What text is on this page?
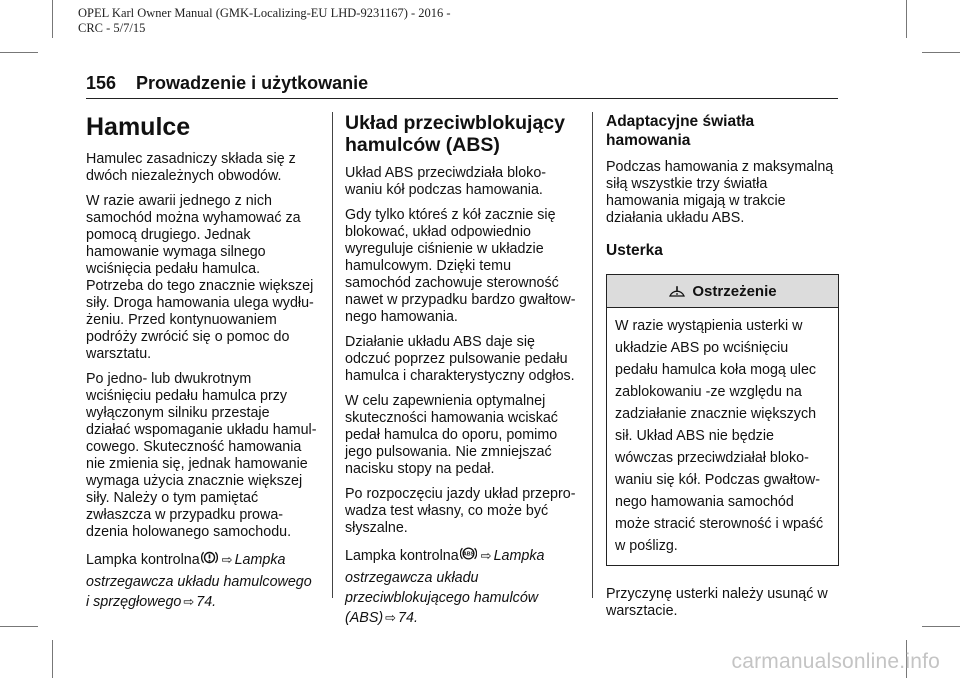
OPEL Karl Owner Manual (GMK-Localizing-EU LHD-9231167) - 2016 -
CRC - 5/7/15
156 Prowadzenie i użytkowanie
Hamulce

Hamulec zasadniczy składa się z
dwóch niezależnych obwodów.

W razie awarii jednego z nich
samochód można wyhamować za
pomocą drugiego. Jednak
hamowanie wymaga silnego
wciśnięcia pedału hamulca.
Potrzeba do tego znacznie większej
siły. Droga hamowania ulega wydłu-
żeniu. Przed kontynuowaniem
podróży zwrócić się o pomoc do
warsztatu.

Po jedno- lub dwukrotnym
wciśnięciu pedału hamulca przy
wyłączonym silniku przestaje
działać wspomaganie układu hamul-
cowego. Skuteczność hamowania
nie zmienia się, jednak hamowanie
wymaga użycia znacznie większej
siły. Należy o tym pamiętać
zwłaszcza w przypadku prowa-
dzenia holowanego samochodu.

Lampka kontrolna ⇨ Lampka
ostrzegawcza układu hamulcowego
i sprzęgłowego ⇨ 74.

Układ przeciwblokujący
hamulców (ABS)

Układ ABS przeciwdziała bloko-
waniu kół podczas hamowania.

Gdy tylko któreś z kół zacznie się
blokować, układ odpowiednio
wyreguluje ciśnienie w układzie
hamulcowym. Dzięki temu
samochód zachowuje sterowność
nawet w przypadku bardzo gwałtow-
nego hamowania.

Działanie układu ABS daje się
odczuć poprzez pulsowanie pedału
hamulca i charakterystyczny odgłos.

W celu zapewnienia optymalnej
skuteczności hamowania wciskać
pedał hamulca do oporu, pomimo
jego pulsowania. Nie zmniejszać
nacisku stopy na pedał.

Po rozpoczęciu jazdy układ przepro-
wadza test własny, co może być
słyszalne.

Lampka kontrolna ABS ⇨ Lampka
ostrzegawcza układu
przeciwblokującego hamulców
(ABS) ⇨ 74.

Adaptacyjne światła
hamowania

Podczas hamowania z maksymalną
siłą wszystkie trzy światła
hamowania migają w trakcie
działania układu ABS.

Usterka
Ostrzeżenie
W razie wystąpienia usterki w
układzie ABS po wciśnięciu
pedału hamulca koła mogą ulec
zablokowaniu -ze względu na
zadziałanie znacznie większych
sił. Układ ABS nie będzie
wówczas przeciwdziałał bloko-
waniu się kół. Podczas gwałtow-
nego hamowania samochód
może stracić sterowność i wpaść
w poślizg.

Przyczynę usterki należy usunąć w
warsztacie.

carmanualsonline.info
